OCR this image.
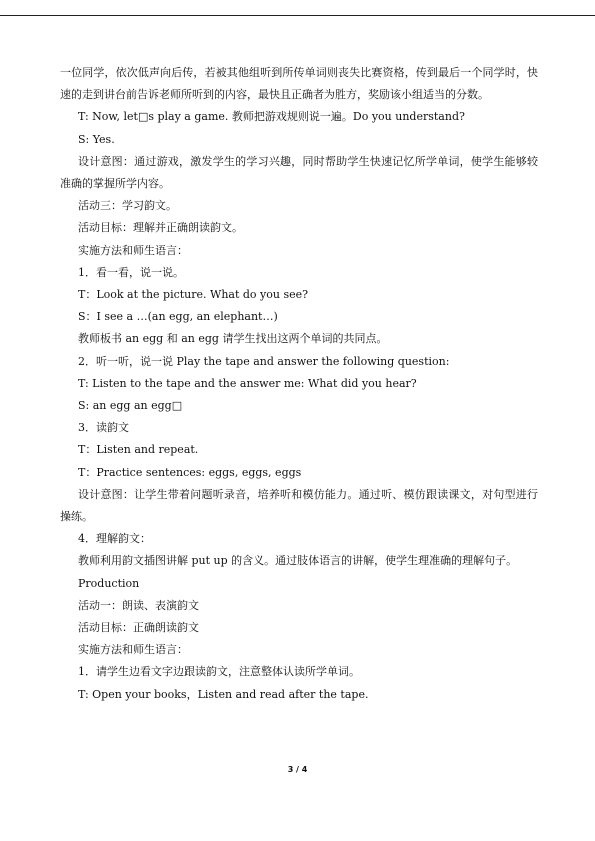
一位同学，依次低声向后传，若被其他组听到所传单词则丧失比赛资格，传到最后一个同学时，快速的走到讲台前告诉老师所听到的内容，最快且正确者为胜方，奖励该小组适当的分数。

T: Now, let□s play a game. 教师把游戏规则说一遍。Do you understand?

S: Yes.

设计意图：通过游戏，激发学生的学习兴趣，同时帮助学生快速记忆所学单词，使学生能够较准确的掌握所学内容。

活动三：学习韵文。

活动目标：理解并正确朗读韵文。

实施方法和师生语言：

1．看一看，说一说。

T：Look at the picture. What do you see?

S：I see a …(an egg, an elephant…)

教师板书 an egg 和 an egg 请学生找出这两个单词的共同点。

2．听一听，说一说 Play the tape and answer the following question:

T: Listen to the tape and the answer me: What did you hear?

S: an egg an egg□

3．读韵文

T：Listen and repeat.

T：Practice sentences: eggs, eggs, eggs

设计意图：让学生带着问题听录音，培养听和模仿能力。通过听、模仿跟读课文，对句型进行操练。

4．理解韵文：

教师利用韵文插图讲解 put up 的含义。通过肢体语言的讲解，使学生理准确的理解句子。

Production

活动一：朗读、表演韵文

活动目标：正确朗读韵文

实施方法和师生语言：

1．请学生边看文字边跟读韵文，注意整体认读所学单词。

T: Open your books，Listen and read after the tape.

3 / 4
